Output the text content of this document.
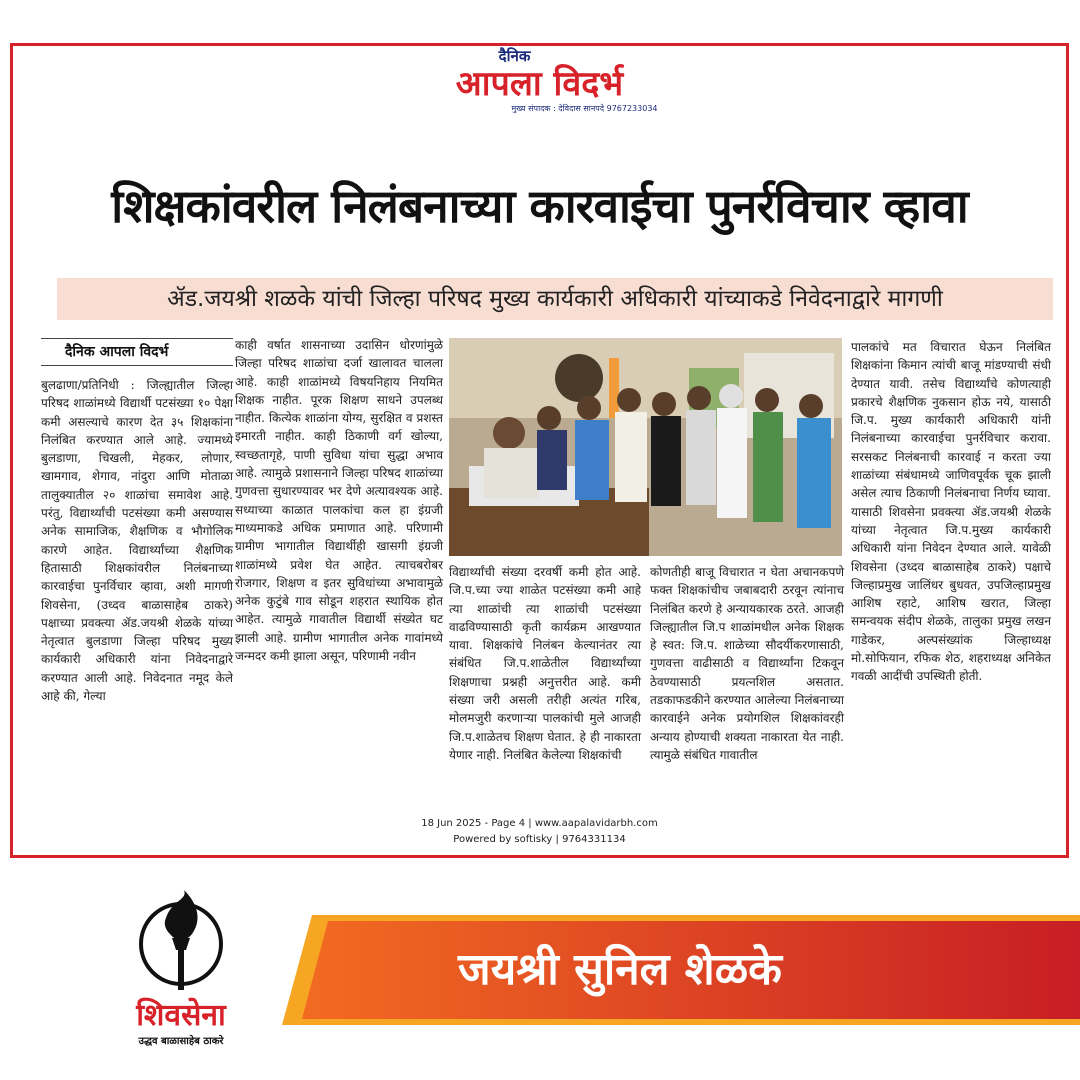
दैनिक
आपला विदर्भ
मुख्य संपादक : देविदास सानपदे 9767233034
शिक्षकांवरील निलंबनाच्या कारवाईचा पुनर्रविचार व्हावा
ॲड.जयश्री शळके यांची जिल्हा परिषद मुख्य कार्यकारी अधिकारी यांच्याकडे निवेदनाद्वारे मागणी
दैनिक आपला विदर्भ

बुलढाणा/प्रतिनिधी : जिल्ह्यातील जिल्हा परिषद शाळांमध्ये विद्यार्थी पटसंख्या १० पेक्षा कमी असल्याचे कारण देत ३५ शिक्षकांना निलंबित करण्यात आले आहे. ज्यामध्ये बुलडाणा, चिखली, मेहकर, लोणार, खामगाव, शेगाव, नांदुरा आणि मोताळा तालुक्यातील २० शाळांचा समावेश आहे. परंतु, विद्यार्थ्यांची पटसंख्या कमी असण्यास अनेक सामाजिक, शैक्षणिक व भौगोलिक कारणे आहेत. विद्यार्थ्यांच्या शैक्षणिक हितासाठी शिक्षकांवरील निलंबनाच्या कारवाईचा पुनर्विचार व्हावा, अशी मागणी शिवसेना, (उध्दव बाळासाहेब ठाकरे) पक्षाच्या प्रवक्त्या ॲड.जयश्री शेळके यांच्या नेतृत्वात बुलडाणा जिल्हा परिषद मुख्य कार्यकारी अधिकारी यांना निवेदनाद्वारे करण्यात आली आहे. निवेदनात नमूद केले आहे की, गेल्या

काही वर्षात शासनाच्या उदासिन धोरणांमुळे जिल्हा परिषद शाळांचा दर्जा खालावत चालला आहे. काही शाळांमध्ये विषयनिहाय नियमित शिक्षक नाहीत. पूरक शिक्षण साधने उपलब्ध नाहीत. कित्येक शाळांना योग्य, सुरक्षित व प्रशस्त इमारती नाहीत. काही ठिकाणी वर्ग खोल्या, स्वच्छतागृहे, पाणी सुविधा यांचा सुद्धा अभाव आहे. त्यामुळे प्रशासनाने जिल्हा परिषद शाळांच्या गुणवत्ता सुधारण्यावर भर देणे अत्यावश्यक आहे. सध्याच्या काळात पालकांचा कल हा इंग्रजी माध्यमाकडे अधिक प्रमाणात आहे. परिणामी ग्रामीण भागातील विद्यार्थीही खासगी इंग्रजी शाळांमध्ये प्रवेश घेत आहेत. त्याचबरोबर रोजगार, शिक्षण व इतर सुविधांच्या अभावामुळे अनेक कुटुंबे गाव सोडून शहरात स्थायिक होत आहेत. त्यामुळे गावातील विद्यार्थी संख्येत घट झाली आहे. ग्रामीण भागातील अनेक गावांमध्ये जन्मदर कमी झाला असून, परिणामी नवीन

विद्यार्थ्यांची संख्या दरवर्षी कमी होत आहे. जि.प.च्या ज्या शाळेत पटसंख्या कमी आहे त्या शाळांची त्या शाळांची पटसंख्या वाढविण्यासाठी कृती कार्यक्रम आखण्यात यावा. शिक्षकांचे निलंबन केल्यानंतर त्या संबंधित जि.प.शाळेतील विद्यार्थ्यांच्या शिक्षणाचा प्रश्नही अनुत्तरीत आहे. कमी संख्या जरी असली तरीही अत्यंत गरिब, मोलमजुरी करणाऱ्या पालकांची मुले आजही जि.प.शाळेतच शिक्षण घेतात. हे ही नाकारता येणार नाही. निलंबित केलेल्या शिक्षकांची

कोणतीही बाजू विचारात न घेता अचानकपणे फक्त शिक्षकांचीच जबाबदारी ठरवून त्यांनाच निलंबित करणे हे अन्यायकारक ठरते. आजही जिल्ह्यातील जि.प शाळांमधील अनेक शिक्षक हे स्वत: जि.प. शाळेच्या सौदर्यीकरणासाठी, गुणवत्ता वाढीसाठी व विद्यार्थ्यांना टिकवून ठेवण्यासाठी प्रयत्नशिल असतात. तडकाफडकीने करण्यात आलेल्या निलंबनाच्या कारवाईने अनेक प्रयोगशिल शिक्षकांवरही अन्याय होण्याची शक्यता नाकारता येत नाही. त्यामुळे संबंधित गावातील

पालकांचे मत विचारात घेऊन निलंबित शिक्षकांना किमान त्यांची बाजू मांडण्याची संधी देण्यात यावी. तसेच विद्यार्थ्यांचे कोणत्याही प्रकारचे शैक्षणिक नुकसान होऊ नये, यासाठी जि.प. मुख्य कार्यकारी अधिकारी यांनी निलंबनाच्या कारवाईचा पुनर्रविचार करावा. सरसकट निलंबनाची कारवाई न करता ज्या शाळांच्या संबंधामध्ये जाणिवपूर्वक चूक झाली असेल त्याच ठिकाणी निलंबनाचा निर्णय घ्यावा. यासाठी शिवसेना प्रवक्त्या ॲड.जयश्री शेळके यांच्या नेतृत्वात जि.प.मुख्य कार्यकारी अधिकारी यांना निवेदन देण्यात आले. यावेळी शिवसेना (उध्दव बाळासाहेब ठाकरे) पक्षाचे जिल्हाप्रमुख जालिंधर बुधवत, उपजिल्हाप्रमुख आशिष रहाटे, आशिष खरात, जिल्हा समन्वयक संदीप शेळके, तालुका प्रमुख लखन गाडेकर, अल्पसंख्यांक जिल्हाध्यक्ष मो.सोफियान, रफिक शेठ, शहराध्यक्ष अनिकेत गवळी आदींची उपस्थिती होती.

18 Jun 2025 - Page 4 | www.aapalavidarbh.com
Powered by softisky | 9764331134
शिवसेना
उद्धव बाळासाहेब ठाकरे
जयश्री सुनिल शेळके
